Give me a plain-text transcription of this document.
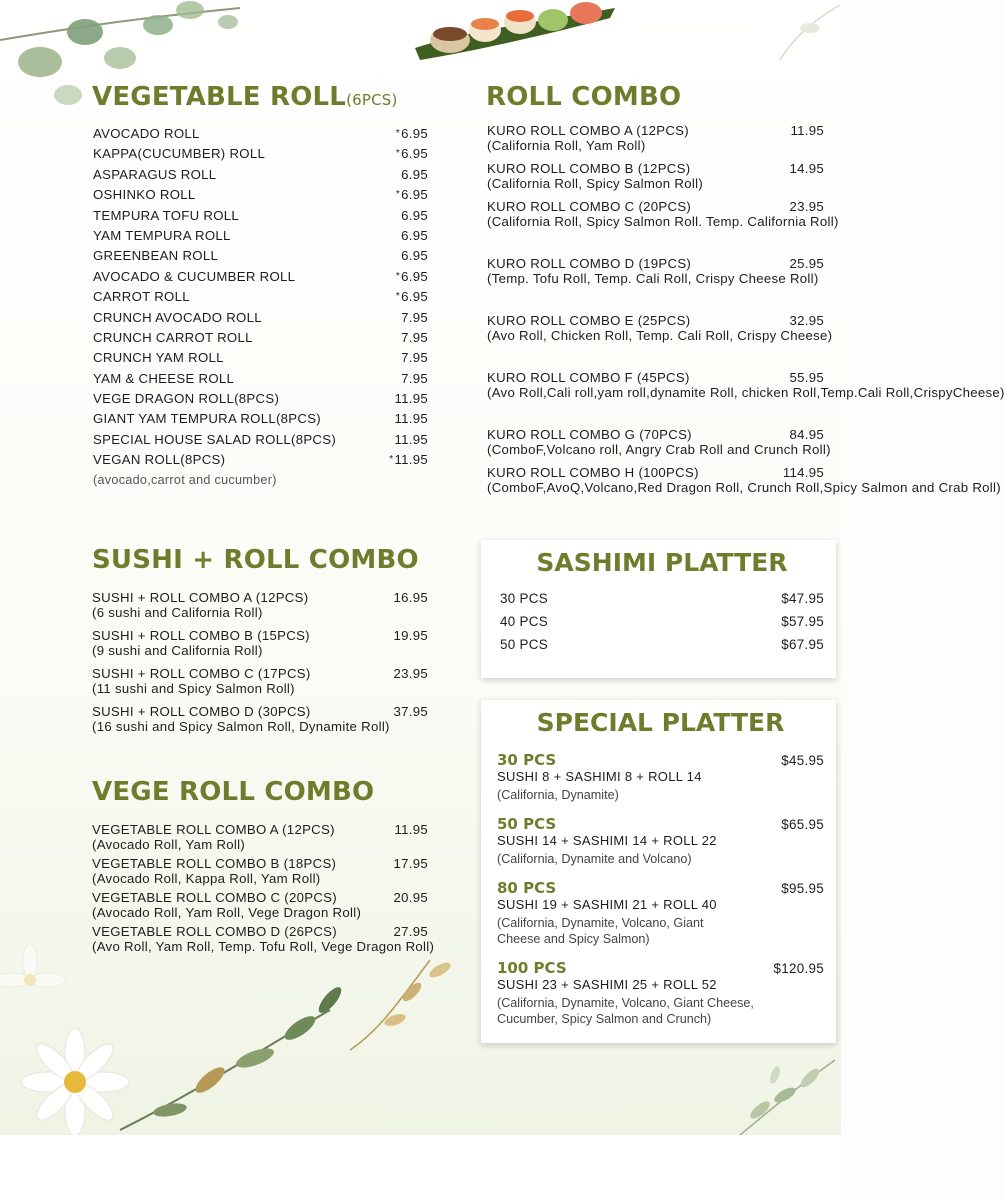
VEGETABLE ROLL(6PCS)
AVOCADO ROLL	*6.95
KAPPA(CUCUMBER) ROLL	*6.95
ASPARAGUS ROLL	6.95
OSHINKO ROLL	*6.95
TEMPURA TOFU ROLL	6.95
YAM TEMPURA ROLL	6.95
GREENBEAN ROLL	6.95
AVOCADO & CUCUMBER ROLL	*6.95
CARROT ROLL	*6.95
CRUNCH AVOCADO ROLL	7.95
CRUNCH CARROT ROLL	7.95
CRUNCH YAM ROLL	7.95
YAM & CHEESE ROLL	7.95
VEGE DRAGON ROLL(8PCS)	11.95
GIANT YAM TEMPURA ROLL(8PCS)	11.95
SPECIAL HOUSE SALAD ROLL(8PCS)	11.95
VEGAN ROLL(8PCS)	*11.95
(avocado,carrot and cucumber)
ROLL COMBO
KURO ROLL COMBO A (12PCS)	11.95
(California Roll, Yam Roll)
KURO ROLL COMBO B (12PCS)	14.95
(California Roll, Spicy Salmon Roll)
KURO ROLL COMBO C (20PCS)	23.95
(California Roll, Spicy Salmon Roll. Temp. California Roll)
KURO ROLL COMBO D (19PCS)	25.95
(Temp. Tofu Roll, Temp. Cali Roll, Crispy Cheese Roll)
KURO ROLL COMBO E (25PCS)	32.95
(Avo Roll, Chicken Roll, Temp. Cali Roll, Crispy Cheese)
KURO ROLL COMBO F (45PCS)	55.95
(Avo Roll,Cali roll,yam roll,dynamite Roll, chicken Roll,Temp.Cali Roll,CrispyCheese)
KURO ROLL COMBO G (70PCS)	84.95
(ComboF,Volcano roll, Angry Crab Roll and Crunch Roll)
KURO ROLL COMBO H (100PCS)	114.95
(ComboF,AvoQ,Volcano,Red Dragon Roll, Crunch Roll,Spicy Salmon and Crab Roll)
SUSHI + ROLL COMBO
SUSHI + ROLL COMBO A (12PCS)	16.95
(6 sushi and California Roll)
SUSHI + ROLL COMBO B (15PCS)	19.95
(9 sushi and California Roll)
SUSHI + ROLL COMBO C (17PCS)	23.95
(11 sushi and Spicy Salmon Roll)
SUSHI + ROLL COMBO D (30PCS)	37.95
(16 sushi and Spicy Salmon Roll, Dynamite Roll)
VEGE ROLL COMBO
VEGETABLE ROLL COMBO A (12PCS)	11.95
(Avocado Roll, Yam Roll)
VEGETABLE ROLL COMBO B (18PCS)	17.95
(Avocado Roll, Kappa Roll, Yam Roll)
VEGETABLE ROLL COMBO C (20PCS)	20.95
(Avocado Roll, Yam Roll, Vege Dragon Roll)
VEGETABLE ROLL COMBO D (26PCS)	27.95
(Avo Roll, Yam Roll, Temp. Tofu Roll, Vege Dragon Roll)
SASHIMI PLATTER
30 PCS	$47.95
40 PCS	$57.95
50 PCS	$67.95
SPECIAL PLATTER
30 PCS	$45.95
SUSHI 8 + SASHIMI 8 + ROLL 14
(California, Dynamite)
50 PCS	$65.95
SUSHI 14 + SASHIMI 14 + ROLL 22
(California, Dynamite and Volcano)
80 PCS	$95.95
SUSHI 19 + SASHIMI 21 + ROLL 40
(California, Dynamite, Volcano, Giant Cheese and Spicy Salmon)
100 PCS	$120.95
SUSHI 23 + SASHIMI 25 + ROLL 52
(California, Dynamite, Volcano, Giant Cheese, Cucumber, Spicy Salmon and Crunch)
